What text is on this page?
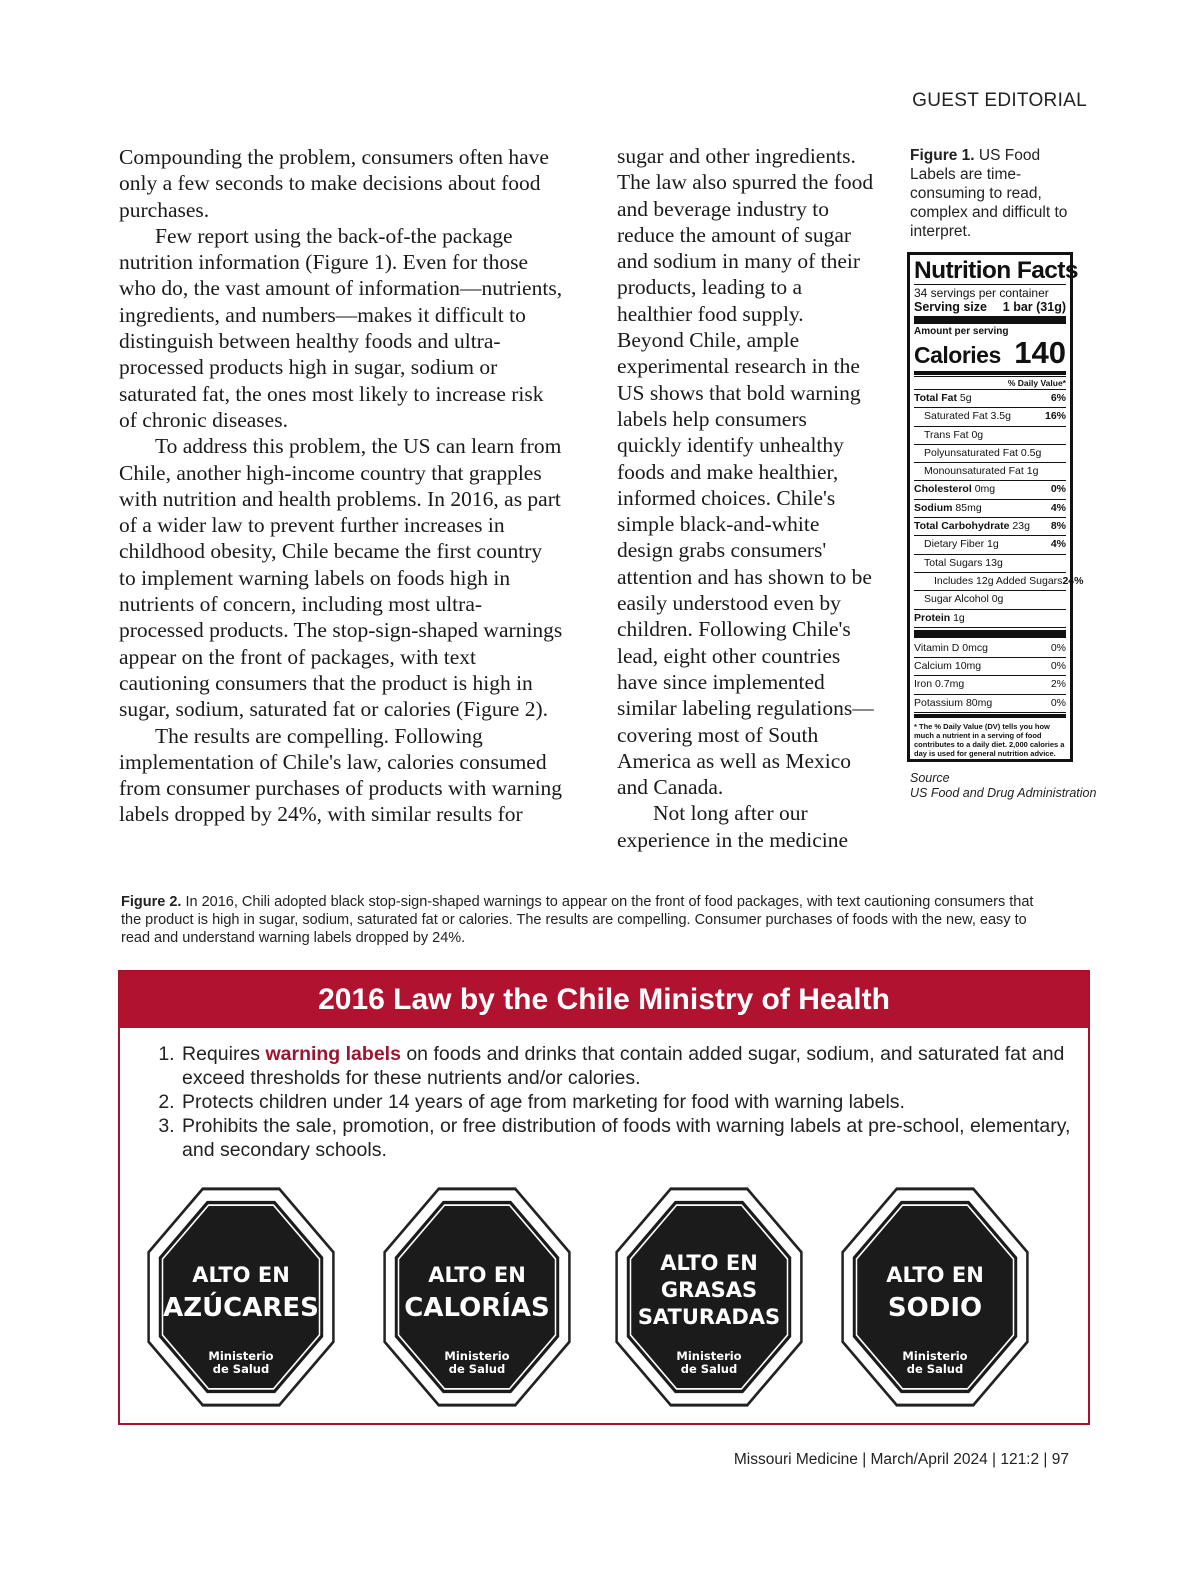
GUEST EDITORIAL

Compounding the problem, consumers often have only a few seconds to make decisions about food purchases.

Few report using the back-of-the package nutrition information (Figure 1). Even for those who do, the vast amount of information—nutrients, ingredients, and numbers—makes it difficult to distinguish between healthy foods and ultra-processed products high in sugar, sodium or saturated fat, the ones most likely to increase risk of chronic diseases.

To address this problem, the US can learn from Chile, another high-income country that grapples with nutrition and health problems. In 2016, as part of a wider law to prevent further increases in childhood obesity, Chile became the first country to implement warning labels on foods high in nutrients of concern, including most ultra-processed products. The stop-sign-shaped warnings appear on the front of packages, with text cautioning consumers that the product is high in sugar, sodium, saturated fat or calories (Figure 2).

The results are compelling. Following implementation of Chile's law, calories consumed from consumer purchases of products with warning labels dropped by 24%, with similar results for

sugar and other ingredients. The law also spurred the food and beverage industry to reduce the amount of sugar and sodium in many of their products, leading to a healthier food supply. Beyond Chile, ample experimental research in the US shows that bold warning labels help consumers quickly identify unhealthy foods and make healthier, informed choices. Chile's simple black-and-white design grabs consumers' attention and has shown to be easily understood even by children. Following Chile's lead, eight other countries have since implemented similar labeling regulations—covering most of South America as well as Mexico and Canada.

Not long after our experience in the medicine

Figure 1. US Food Labels are time-consuming to read, complex and difficult to interpret.
Nutrition Facts
34 servings per container
Serving size 1 bar (31g)
Amount per serving
Calories 140
% Daily Value*
Total Fat 5g	6%
Saturated Fat 3.5g	16%
Trans Fat 0g
Polyunsaturated Fat 0.5g
Monounsaturated Fat 1g
Cholesterol 0mg	0%
Sodium 85mg	4%
Total Carbohydrate 23g 8%
Dietary Fiber 1g	4%
Total Sugars 13g
Includes 12g Added Sugars 24%
Sugar Alcohol 0g
Protein 1g
Vitamin D 0mcg	0%
Calcium 10mg	0%
Iron 0.7mg	2%
Potassium 80mg	0%
* The % Daily Value (DV) tells you how much a nutrient in a serving of food contributes to a daily diet. 2,000 calories a day is used for general nutrition advice.
Source
US Food and Drug Administration
Figure 2. In 2016, Chili adopted black stop-sign-shaped warnings to appear on the front of food packages, with text cautioning consumers that the product is high in sugar, sodium, saturated fat or calories. The results are compelling. Consumer purchases of foods with the new, easy to read and understand warning labels dropped by 24%.
2016 Law by the Chile Ministry of Health
1. Requires warning labels on foods and drinks that contain added sugar, sodium, and saturated fat and exceed thresholds for these nutrients and/or calories.
2. Protects children under 14 years of age from marketing for food with warning labels.
3. Prohibits the sale, promotion, or free distribution of foods with warning labels at pre-school, elementary, and secondary schools.
ALTO EN
AZÚCARES
Ministerio
de Salud
ALTO EN
CALORÍAS
Ministerio
de Salud
ALTO EN
GRASAS
SATURADAS
Ministerio
de Salud
ALTO EN
SODIO
Ministerio
de Salud
Missouri Medicine | March/April 2024 | 121:2 | 97
